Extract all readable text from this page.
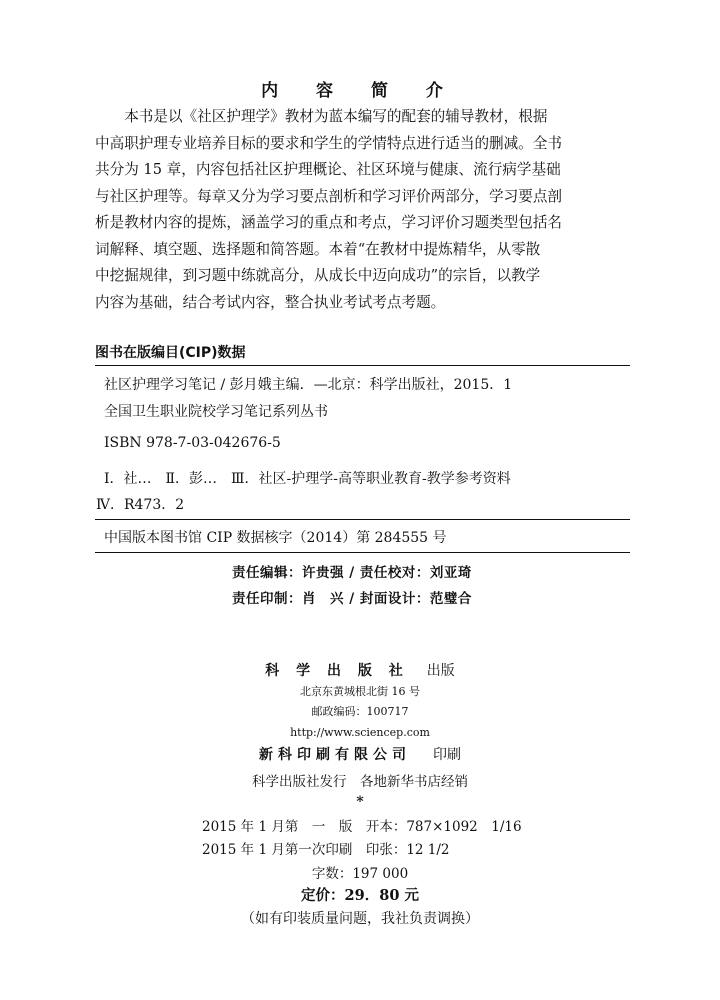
内 容 简 介
　　本书是以《社区护理学》教材为蓝本编写的配套的辅导教材，根据
中高职护理专业培养目标的要求和学生的学情特点进行适当的删减。全书
共分为 15 章，内容包括社区护理概论、社区环境与健康、流行病学基础
与社区护理等。每章又分为学习要点剖析和学习评价两部分，学习要点剖
析是教材内容的提炼，涵盖学习的重点和考点，学习评价习题类型包括名
词解释、填空题、选择题和简答题。本着“在教材中提炼精华，从零散
中挖掘规律，到习题中练就高分，从成长中迈向成功”的宗旨，以教学
内容为基础，结合考试内容，整合执业考试考点考题。
图书在版编目(CIP)数据
社区护理学习笔记 / 彭月娥主编．—北京：科学出版社，2015．1
全国卫生职业院校学习笔记系列丛书
ISBN 978-7-03-042676-5
Ⅰ．社…　Ⅱ．彭…　Ⅲ．社区-护理学-高等职业教育-教学参考资料
Ⅳ．R473．2
中国版本图书馆 CIP 数据核字（2014）第 284555 号
责任编辑：许贵强 / 责任校对：刘亚琦
责任印制：肖　兴 / 封面设计：范璧合
科 学 出 版 社 出版
北京东黄城根北街 16 号
邮政编码：100717
http://www.sciencep.com
新科印刷有限公司 印刷
科学出版社发行　各地新华书店经销
*
2015 年 1 月第　一　版　开本：787×1092　1/16
2015 年 1 月第一次印刷　印张：12 1/2
字数：197 000
定价：29．80 元
（如有印装质量问题，我社负责调换）
